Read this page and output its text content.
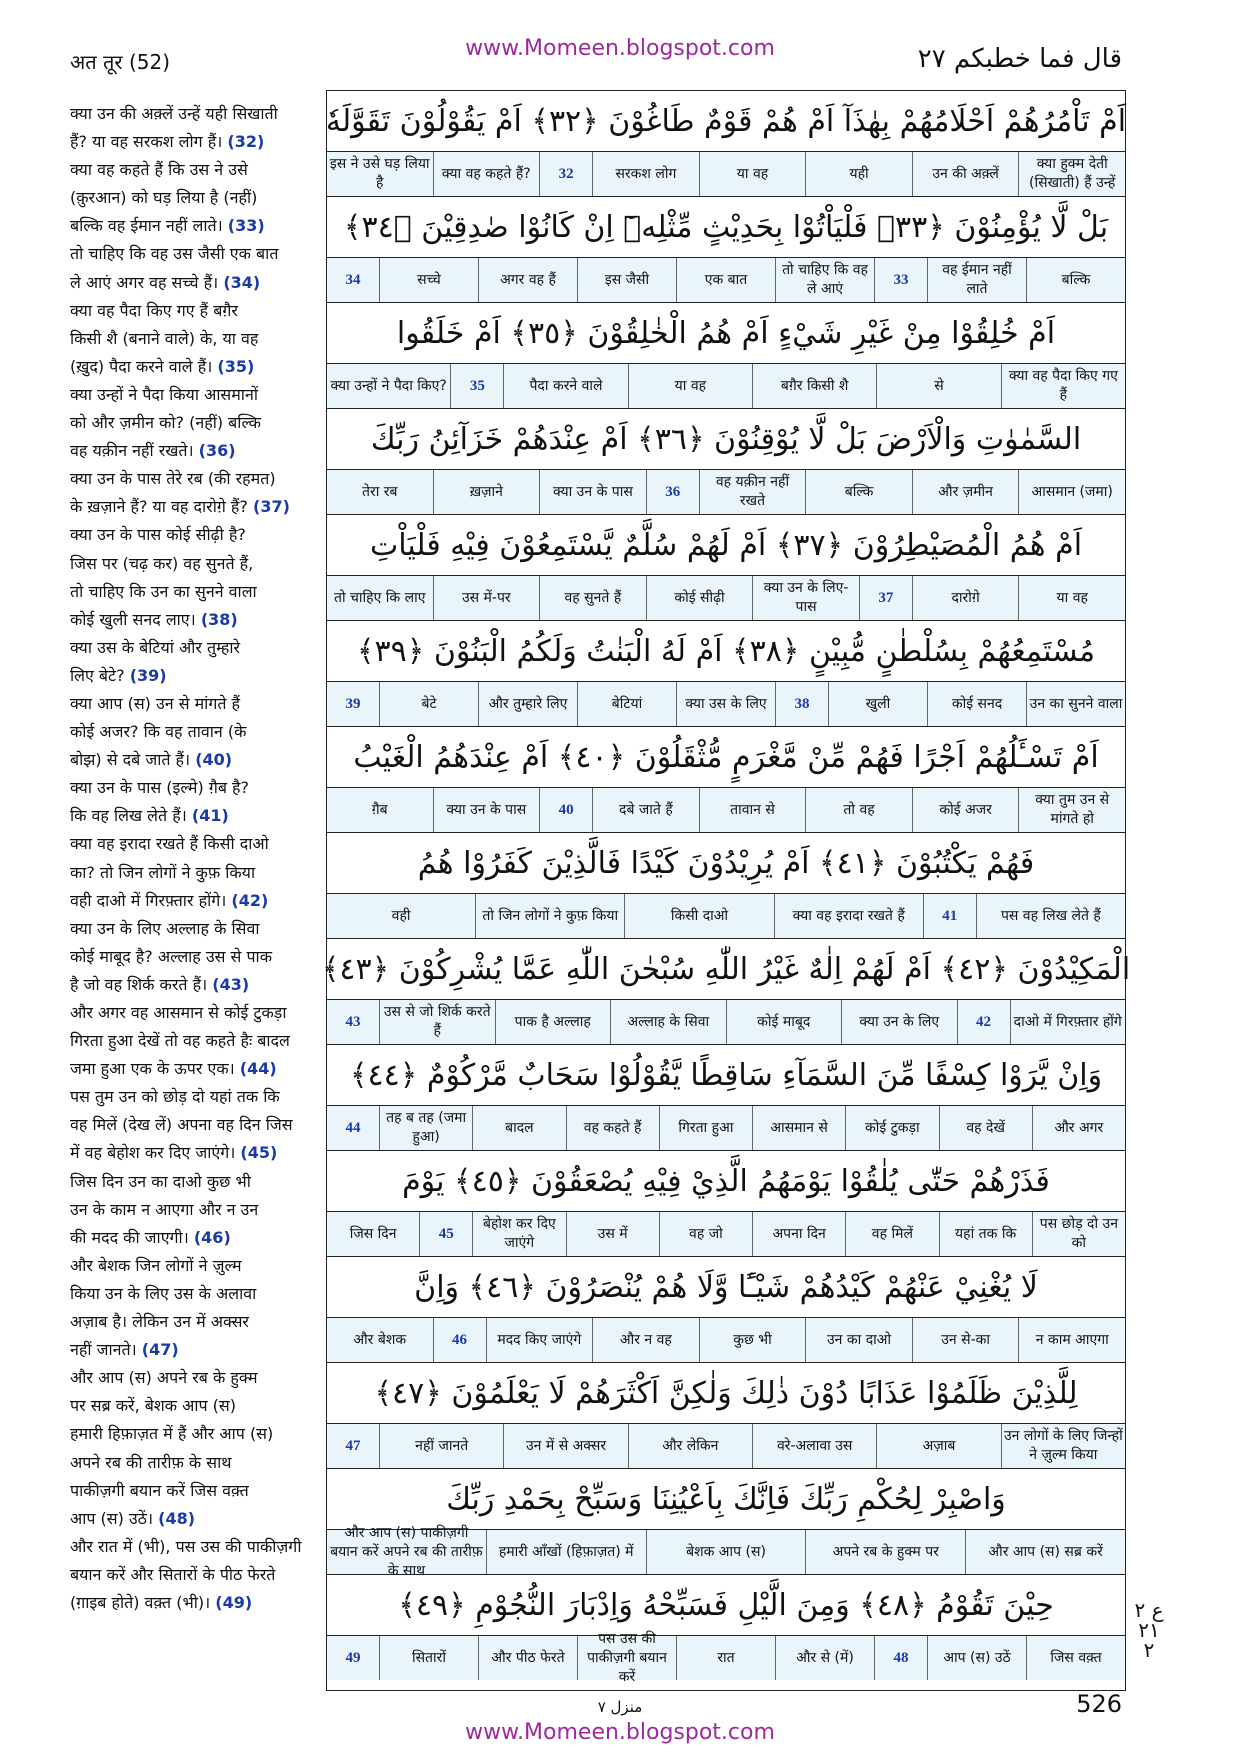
अत तूर (52)
www.Momeen.blogspot.com	قال فما خطبكم ٢٧
क्या उन की अक़्लें उन्हें यही सिखाती
हैं? या वह सरकश लोग हैं। (32)
क्या वह कहते हैं कि उस ने उसे
(क़ुरआन) को घड़ लिया है (नहीं)
बल्कि वह ईमान नहीं लाते। (33)
तो चाहिए कि वह उस जैसी एक बात
ले आएं अगर वह सच्चे हैं। (34)
क्या वह पैदा किए गए हैं बग़ैर
किसी शै (बनाने वाले) के, या वह
(ख़ुद) पैदा करने वाले हैं। (35)
क्या उन्हों ने पैदा किया आसमानों
को और ज़मीन को? (नहीं) बल्कि
वह यक़ीन नहीं रखते। (36)
क्या उन के पास तेरे रब (की रहमत)
के ख़ज़ाने हैं? या वह दारोग़े हैं? (37)
क्या उन के पास कोई सीढ़ी है?
जिस पर (चढ़ कर) वह सुनते हैं,
तो चाहिए कि उन का सुनने वाला
कोई खुली सनद लाए। (38)
क्या उस के बेटियां और तुम्हारे
लिए बेटे? (39)
क्या आप (स) उन से मांगते हैं
कोई अजर? कि वह तावान (के
बोझ) से दबे जाते हैं। (40)
क्या उन के पास (इल्मे) ग़ैब है?
कि वह लिख लेते हैं। (41)
क्या वह इरादा रखते हैं किसी दाओ
का? तो जिन लोगों ने कुफ़ किया
वही दाओ में गिरफ़्तार होंगे। (42)
क्या उन के लिए अल्लाह के सिवा
कोई माबूद है? अल्लाह उस से पाक
है जो वह शिर्क करते हैं। (43)
और अगर वह आसमान से कोई टुकड़ा
गिरता हुआ देखें तो वह कहते हैः बादल
जमा हुआ एक के ऊपर एक। (44)
पस तुम उन को छोड़ दो यहां तक कि
वह मिलें (देख लें) अपना वह दिन जिस
में वह बेहोश कर दिए जाएंगे। (45)
जिस दिन उन का दाओ कुछ भी
उन के काम न आएगा और न उन
की मदद की जाएगी। (46)
और बेशक जिन लोगों ने ज़ुल्म
किया उन के लिए उस के अलावा
अज़ाब है। लेकिन उन में अक्सर
नहीं जानते। (47)
और आप (स) अपने रब के हुक्म
पर सब्र करें, बेशक आप (स)
हमारी हिफ़ाज़त में हैं और आप (स)
अपने रब की तारीफ़ के साथ
पाकीज़गी बयान करें जिस वक़्त
आप (स) उठें। (48)
और रात में (भी), पस उस की पाकीज़गी
बयान करें और सितारों के पीठ फेरते
(ग़ाइब होते) वक़्त (भी)। (49)
اَمْ تَاْمُرُهُمْ اَحْلَامُهُمْ بِهٰذَآ اَمْ هُمْ قَوْمٌ طَاغُوْنَ ﴿٣٢﴾ اَمْ يَقُوْلُوْنَ تَقَوَّلَهٗ
क्या हुक्म देती (सिखाती) हैं उन्हें
उन की अक़्लें
यही
या वह
सरकश लोग
32
क्या वह कहते हैं?
इस ने उसे घड़ लिया है
بَلْ لَّا يُؤْمِنُوْنَ ﴿٣٣﴾ فَلْيَاْتُوْا بِحَدِيْثٍ مِّثْلِهٖٓ اِنْ كَانُوْا صٰدِقِيْنَ ﴿٣٤﴾
बल्कि
वह ईमान नहीं लाते
33
तो चाहिए कि वह ले आएं
एक बात
इस जैसी
अगर वह हैं
सच्चे
34
اَمْ خُلِقُوْا مِنْ غَيْرِ شَيْءٍ اَمْ هُمُ الْخٰلِقُوْنَ ﴿٣٥﴾ اَمْ خَلَقُوا
क्या वह पैदा किए गए हैं
से
बग़ैर किसी शै
या वह
पैदा करने वाले
35
क्या उन्हों ने पैदा किए?
السَّمٰوٰتِ وَالْاَرْضَ بَلْ لَّا يُوْقِنُوْنَ ﴿٣٦﴾ اَمْ عِنْدَهُمْ خَزَآئِنُ رَبِّكَ
आसमान (जमा)
और ज़मीन
बल्कि
वह यक़ीन नहीं रखते
36
क्या उन के पास
ख़ज़ाने
तेरा रब
اَمْ هُمُ الْمُصَيْطِرُوْنَ ﴿٣٧﴾ اَمْ لَهُمْ سُلَّمٌ يَّسْتَمِعُوْنَ فِيْهِ فَلْيَاْتِ
या वह
दारोग़े
37
क्या उन के लिए-पास
कोई सीढ़ी
वह सुनते हैं
उस में-पर
तो चाहिए कि लाए
مُسْتَمِعُهُمْ بِسُلْطٰنٍ مُّبِيْنٍ ﴿٣٨﴾ اَمْ لَهُ الْبَنٰتُ وَلَكُمُ الْبَنُوْنَ ﴿٣٩﴾
उन का सुनने वाला
कोई सनद
खुली
38
क्या उस के लिए
बेटियां
और तुम्हारे लिए
बेटे
39
اَمْ تَسْـَٔلُهُمْ اَجْرًا فَهُمْ مِّنْ مَّغْرَمٍ مُّثْقَلُوْنَ ﴿٤٠﴾ اَمْ عِنْدَهُمُ الْغَيْبُ
क्या तुम उन से मांगते हो
कोई अजर
तो वह
तावान से
दबे जाते हैं
40
क्या उन के पास
ग़ैब
فَهُمْ يَكْتُبُوْنَ ﴿٤١﴾ اَمْ يُرِيْدُوْنَ كَيْدًا فَالَّذِيْنَ كَفَرُوْا هُمُ
पस वह लिख लेते हैं
41
क्या वह इरादा रखते हैं
किसी दाओ
तो जिन लोगों ने कुफ़ किया
वही
الْمَكِيْدُوْنَ ﴿٤٢﴾ اَمْ لَهُمْ اِلٰهٌ غَيْرُ اللّٰهِ سُبْحٰنَ اللّٰهِ عَمَّا يُشْرِكُوْنَ ﴿٤٣﴾
दाओ में गिरफ़्तार होंगे
42
क्या उन के लिए
कोई माबूद
अल्लाह के सिवा
पाक है अल्लाह
उस से जो शिर्क करते हैं
43
وَاِنْ يَّرَوْا كِسْفًا مِّنَ السَّمَآءِ سَاقِطًا يَّقُوْلُوْا سَحَابٌ مَّرْكُوْمٌ ﴿٤٤﴾
और अगर
वह देखें
कोई टुकड़ा
आसमान से
गिरता हुआ
वह कहते हैं
बादल
तह ब तह (जमा हुआ)
44
فَذَرْهُمْ حَتّٰى يُلٰقُوْا يَوْمَهُمُ الَّذِيْ فِيْهِ يُصْعَقُوْنَ ﴿٤٥﴾ يَوْمَ
पस छोड़ दो उन को
यहां तक कि
वह मिलें
अपना दिन
वह जो
उस में
बेहोश कर दिए जाएंगे
45
जिस दिन
لَا يُغْنِيْ عَنْهُمْ كَيْدُهُمْ شَيْـًٔا وَّلَا هُمْ يُنْصَرُوْنَ ﴿٤٦﴾ وَاِنَّ
न काम आएगा
उन से-का
उन का दाओ
कुछ भी
और न वह
मदद किए जाएंगे
46
और बेशक
لِلَّذِيْنَ ظَلَمُوْا عَذَابًا دُوْنَ ذٰلِكَ وَلٰكِنَّ اَكْثَرَهُمْ لَا يَعْلَمُوْنَ ﴿٤٧﴾
उन लोगों के लिए जिन्हों ने ज़ुल्म किया
अज़ाब
वरे-अलावा उस
और लेकिन
उन में से अक्सर
नहीं जानते
47
وَاصْبِرْ لِحُكْمِ رَبِّكَ فَاِنَّكَ بِاَعْيُنِنَا وَسَبِّحْ بِحَمْدِ رَبِّكَ
और आप (स) सब्र करें
अपने रब के हुक्म पर
बेशक आप (स)
हमारी आँखों (हिफ़ाज़त) में
और आप (स) पाकीज़गी बयान करें अपने रब की तारीफ़ के साथ
حِيْنَ تَقُوْمُ ﴿٤٨﴾ وَمِنَ الَّيْلِ فَسَبِّحْهُ وَاِدْبَارَ النُّجُوْمِ ﴿٤٩﴾
जिस वक़्त
आप (स) उठें
48
और से (में)
रात
पस उस की पाकीज़गी बयान करें
और पीठ फेरते
सितारों
49
ع ٢
٢١
٢
منزل ٧	526
www.Momeen.blogspot.com
